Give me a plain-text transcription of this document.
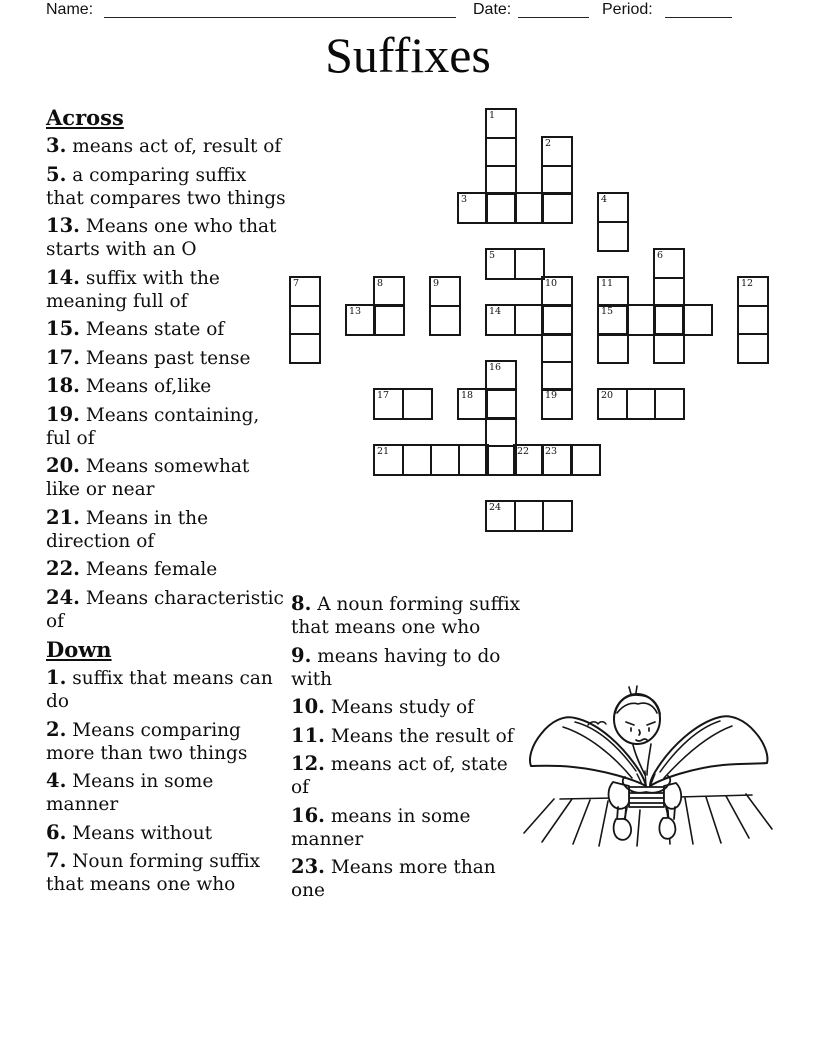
Name:	Date:	Period:
Suffixes
1
2
3	4
5	6
7	8	9	10	11	12
13	14	15
16
17	18	19	20
21	22 23
24
Across

3. means act of, result of

5. a comparing suffix that compares two things

13. Means one who that starts with an O

14. suffix with the meaning full of

15. Means state of

17. Means past tense

18. Means of,like

19. Means containing, ful of

20. Means somewhat like or near

21. Means in the direction of

22. Means female

24. Means characteristic of

Down

1. suffix that means can do

2. Means comparing more than two things

4. Means in some manner

6. Means without

7. Noun forming suffix that means one who

8. A noun forming suffix that means one who

9. means having to do with

10. Means study of

11. Means the result of

12. means act of, state of

16. means in some manner

23. Means more than one
